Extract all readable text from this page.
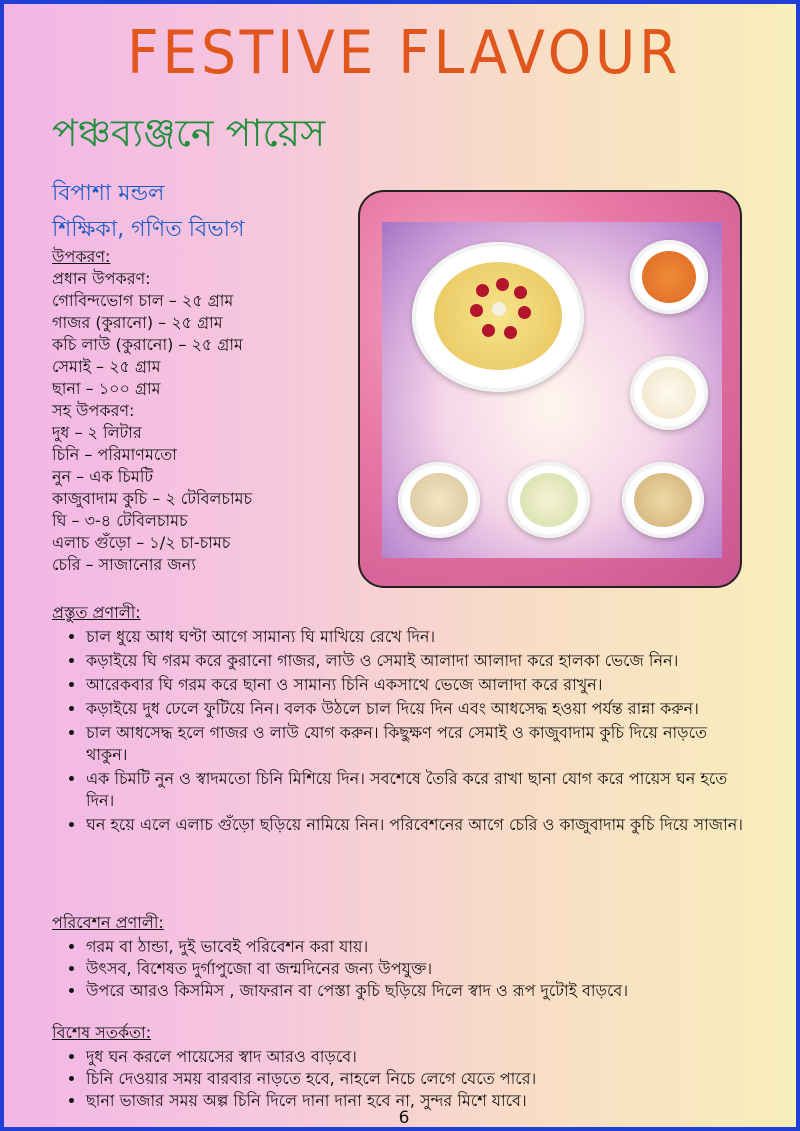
FESTIVE FLAVOUR
পঞ্চব্যঞ্জনে পায়েস
বিপাশা মন্ডল
শিক্ষিকা, গণিত বিভাগ
উপকরণ:
প্রধান উপকরণ:
গোবিন্দভোগ চাল – ২৫ গ্রাম
গাজর (কুরানো) – ২৫ গ্রাম
কচি লাউ (কুরানো) – ২৫ গ্রাম
সেমাই – ২৫ গ্রাম
ছানা – ১০০ গ্রাম
সহ উপকরণ:
দুধ – ২ লিটার
চিনি – পরিমাণমতো
নুন – এক চিমটি
কাজুবাদাম কুচি – ২ টেবিলচামচ
ঘি – ৩-৪ টেবিলচামচ
এলাচ গুঁড়ো – ১/২ চা-চামচ
চেরি – সাজানোর জন্য
প্রস্তুত প্রণালী:
• চাল ধুয়ে আধ ঘণ্টা আগে সামান্য ঘি মাখিয়ে রেখে দিন।
• কড়াইয়ে ঘি গরম করে কুরানো গাজর, লাউ ও সেমাই আলাদা আলাদা করে হালকা ভেজে নিন।
• আরেকবার ঘি গরম করে ছানা ও সামান্য চিনি একসাথে ভেজে আলাদা করে রাখুন।
• কড়াইয়ে দুধ ঢেলে ফুটিয়ে নিন। বলক উঠলে চাল দিয়ে দিন এবং আধসেদ্ধ হওয়া পর্যন্ত রান্না করুন।
• চাল আধসেদ্ধ হলে গাজর ও লাউ যোগ করুন। কিছুক্ষণ পরে সেমাই ও কাজুবাদাম কুচি দিয়ে নাড়তে থাকুন।
• এক চিমটি নুন ও স্বাদমতো চিনি মিশিয়ে দিন। সবশেষে তৈরি করে রাখা ছানা যোগ করে পায়েস ঘন হতে দিন।
• ঘন হয়ে এলে এলাচ গুঁড়ো ছড়িয়ে নামিয়ে নিন। পরিবেশনের আগে চেরি ও কাজুবাদাম কুচি দিয়ে সাজান।
পরিবেশন প্রণালী:
• গরম বা ঠান্ডা, দুই ভাবেই পরিবেশন করা যায়।
• উৎসব, বিশেষত দুর্গাপুজো বা জন্মদিনের জন্য উপযুক্ত।
• উপরে আরও কিসমিস , জাফরান বা পেস্তা কুচি ছড়িয়ে দিলে স্বাদ ও রূপ দুটোই বাড়বে।
বিশেষ সতর্কতা:
• দুধ ঘন করলে পায়েসের স্বাদ আরও বাড়বে।
• চিনি দেওয়ার সময় বারবার নাড়তে হবে, নাহলে নিচে লেগে যেতে পারে।
• ছানা ভাজার সময় অল্প চিনি দিলে দানা দানা হবে না, সুন্দর মিশে যাবে।
6
